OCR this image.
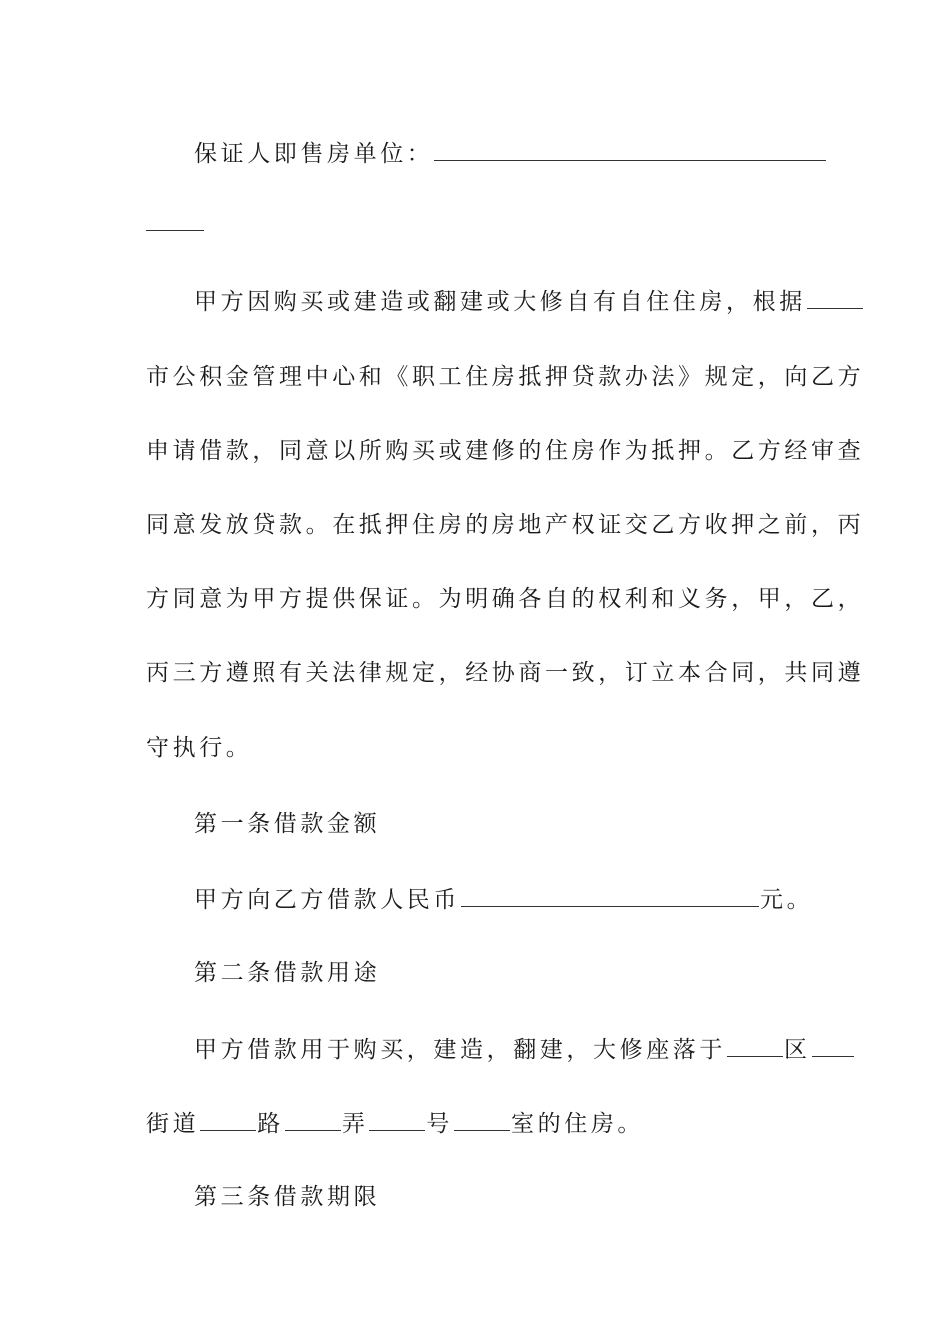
保证人即售房单位：
甲方因购买或建造或翻建或大修自有自住住房，根据
市公积金管理中心和《职工住房抵押贷款办法》规定，向乙方
申请借款，同意以所购买或建修的住房作为抵押。乙方经审查
同意发放贷款。在抵押住房的房地产权证交乙方收押之前，丙
方同意为甲方提供保证。为明确各自的权利和义务，甲，乙，
丙三方遵照有关法律规定，经协商一致，订立本合同，共同遵
守执行。
第一条借款金额
甲方向乙方借款人民币	元。
第二条借款用途
甲方借款用于购买，建造，翻建，大修座落于	区
街道	路	弄	号	室的住房。
第三条借款期限
